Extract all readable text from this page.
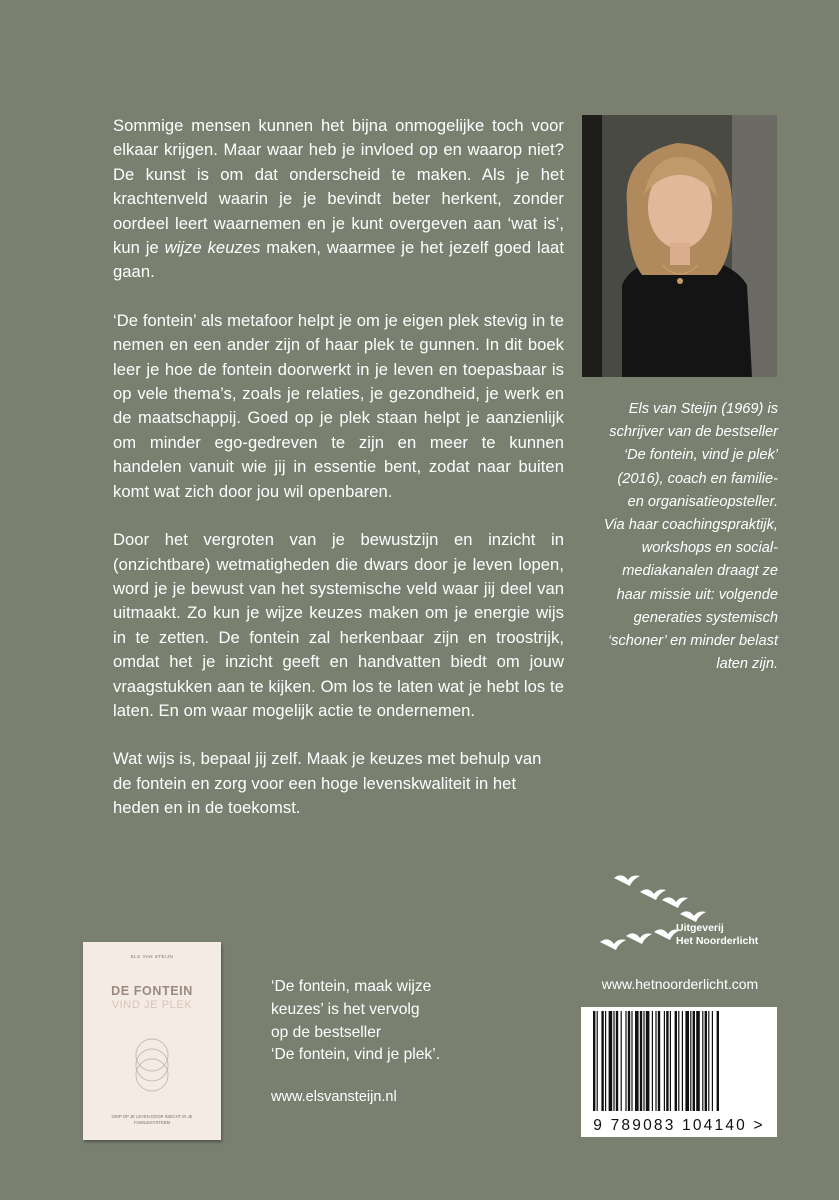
Sommige mensen kunnen het bijna onmogelijke toch voor elkaar krijgen. Maar waar heb je invloed op en waarop niet? De kunst is om dat onderscheid te maken. Als je het krachtenveld waarin je je bevindt beter herkent, zonder oordeel leert waarnemen en je kunt overgeven aan ‘wat is’, kun je wijze keuzes maken, waarmee je het jezelf goed laat gaan.

‘De fontein’ als metafoor helpt je om je eigen plek stevig in te nemen en een ander zijn of haar plek te gunnen. In dit boek leer je hoe de fontein doorwerkt in je leven en toepasbaar is op vele thema’s, zoals je relaties, je gezondheid, je werk en de maatschappij. Goed op je plek staan helpt je aanzienlijk om minder ego-gedreven te zijn en meer te kunnen handelen vanuit wie jij in essentie bent, zodat naar buiten komt wat zich door jou wil openbaren.

Door het vergroten van je bewustzijn en inzicht in (onzichtbare) wetmatigheden die dwars door je leven lopen, word je je bewust van het systemische veld waar jij deel van uitmaakt. Zo kun je wijze keuzes maken om je energie wijs in te zetten. De fontein zal herkenbaar zijn en troostrijk, omdat het je inzicht geeft en handvatten biedt om jouw vraagstukken aan te kijken. Om los te laten wat je hebt los te laten. En om waar mogelijk actie te ondernemen.

Wat wijs is, bepaal jij zelf. Maak je keuzes met behulp van de fontein en zorg voor een hoge levenskwaliteit in het heden en in de toekomst.

Els van Steijn (1969) is
schrijver van de bestseller
‘De fontein, vind je plek’
(2016), coach en familie-
en organisatieopsteller.
Via haar coachingspraktijk,
workshops en social-
mediakanalen draagt ze
haar missie uit: volgende
generaties systemisch
‘schoner’ en minder belast
laten zijn.
Uitgeverij
Het Noorderlicht
www.hetnoorderlicht.com
9 789083 104140 >
ELS VAN STEIJN
DE FONTEIN
VIND JE PLEK
GRIP OP JE LEVEN DOOR INZICHT IN JE FAMILIESYSTEEM
‘De fontein, maak wijze
keuzes’ is het vervolg
op de bestseller
‘De fontein, vind je plek’.
www.elsvansteijn.nl
